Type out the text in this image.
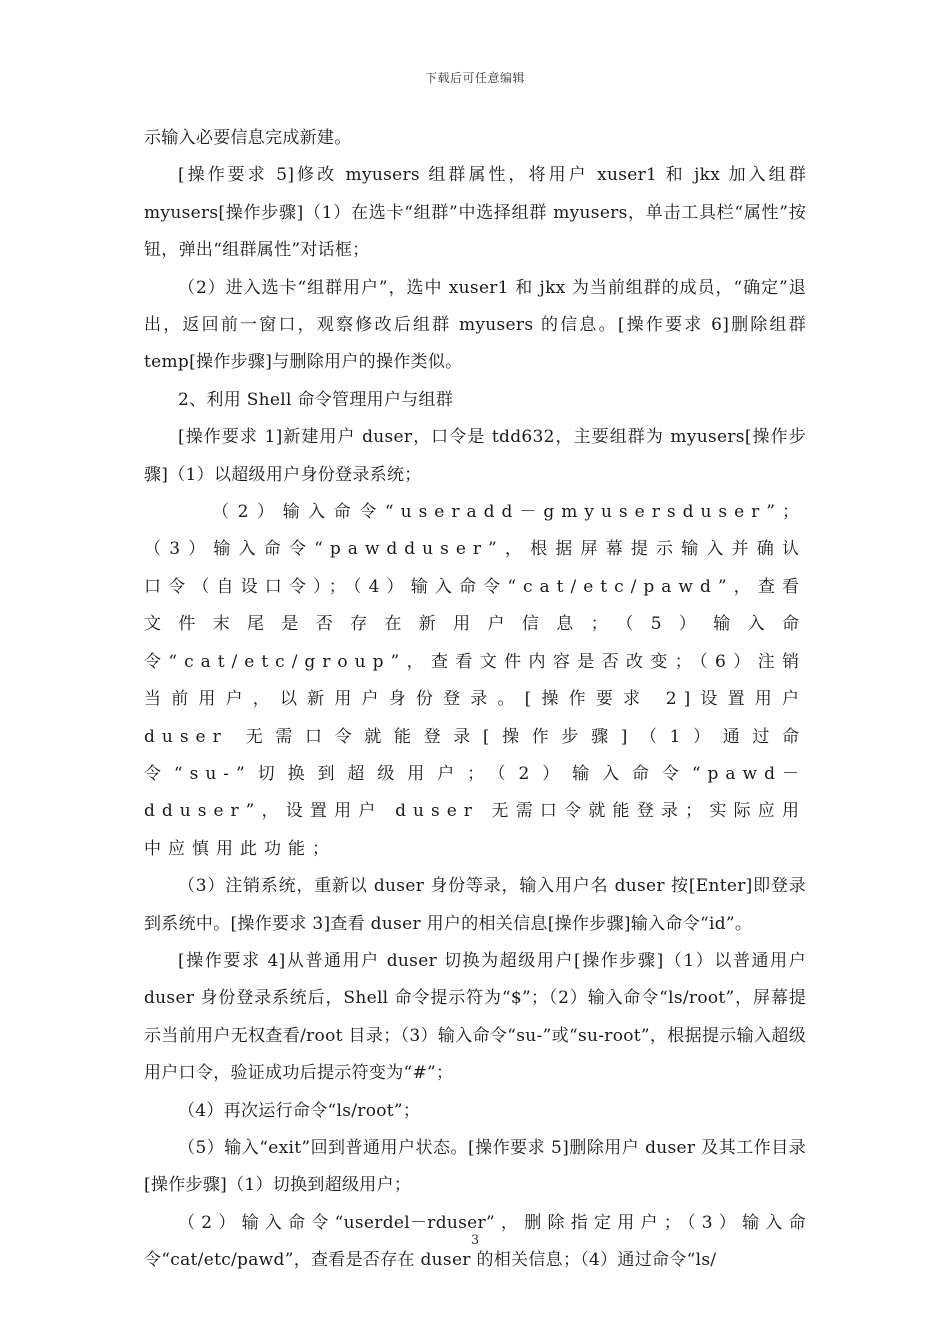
下载后可任意编辑

示输入必要信息完成新建。

[操作要求 5]修改 myusers 组群属性，将用户 xuser1 和 jkx 加入组群 myusers[操作步骤]（1）在选卡“组群”中选择组群 myusers，单击工具栏“属性”按钮，弹出“组群属性”对话框；

（2）进入选卡“组群用户”，选中 xuser1 和 jkx 为当前组群的成员，“确定”退出，返回前一窗口，观察修改后组群 myusers 的信息。[操作要求 6]删除组群 temp[操作步骤]与删除用户的操作类似。

2、利用 Shell 命令管理用户与组群

[操作要求 1]新建用户 duser，口令是 tdd632，主要组群为 myusers[操作步骤]（1）以超级用户身份登录系统；

（2）输入命令“useradd－gmyusersduser”；（3）输入命令“pawdduser”，根据屏幕提示输入并确认口令（自设口令）；（4）输入命令“cat/etc/pawd”，查看文件末尾是否存在新用户信息；（5）输入命令“cat/etc/group”，查看文件内容是否改变；（6）注销当前用户，以新用户身份登录。[操作要求 2]设置用户 duser 无需口令就能登录[操作步骤]（1）通过命令“su-”切换到超级用户；（2）输入命令“pawd－dduser”，设置用户 duser 无需口令就能登录；实际应用中应慎用此功能；

（3）注销系统，重新以 duser 身份等录，输入用户名 duser 按[Enter]即登录到系统中。[操作要求 3]查看 duser 用户的相关信息[操作步骤]输入命令“id”。

[操作要求 4]从普通用户 duser 切换为超级用户[操作步骤]（1）以普通用户 duser 身份登录系统后，Shell 命令提示符为“$”；（2）输入命令“ls/root”，屏幕提示当前用户无权查看/root 目录；（3）输入命令“su-”或“su-root”，根据提示输入超级用户口令，验证成功后提示符变为“#”；

（4）再次运行命令“ls/root”；

（5）输入“exit”回到普通用户状态。[操作要求 5]删除用户 duser 及其工作目录[操作步骤]（1）切换到超级用户；

（2）输入命令“userdel－rduser”，删除指定用户；（3）输入命令“cat/etc/pawd”，查看是否存在 duser 的相关信息；（4）通过命令“ls/

3
